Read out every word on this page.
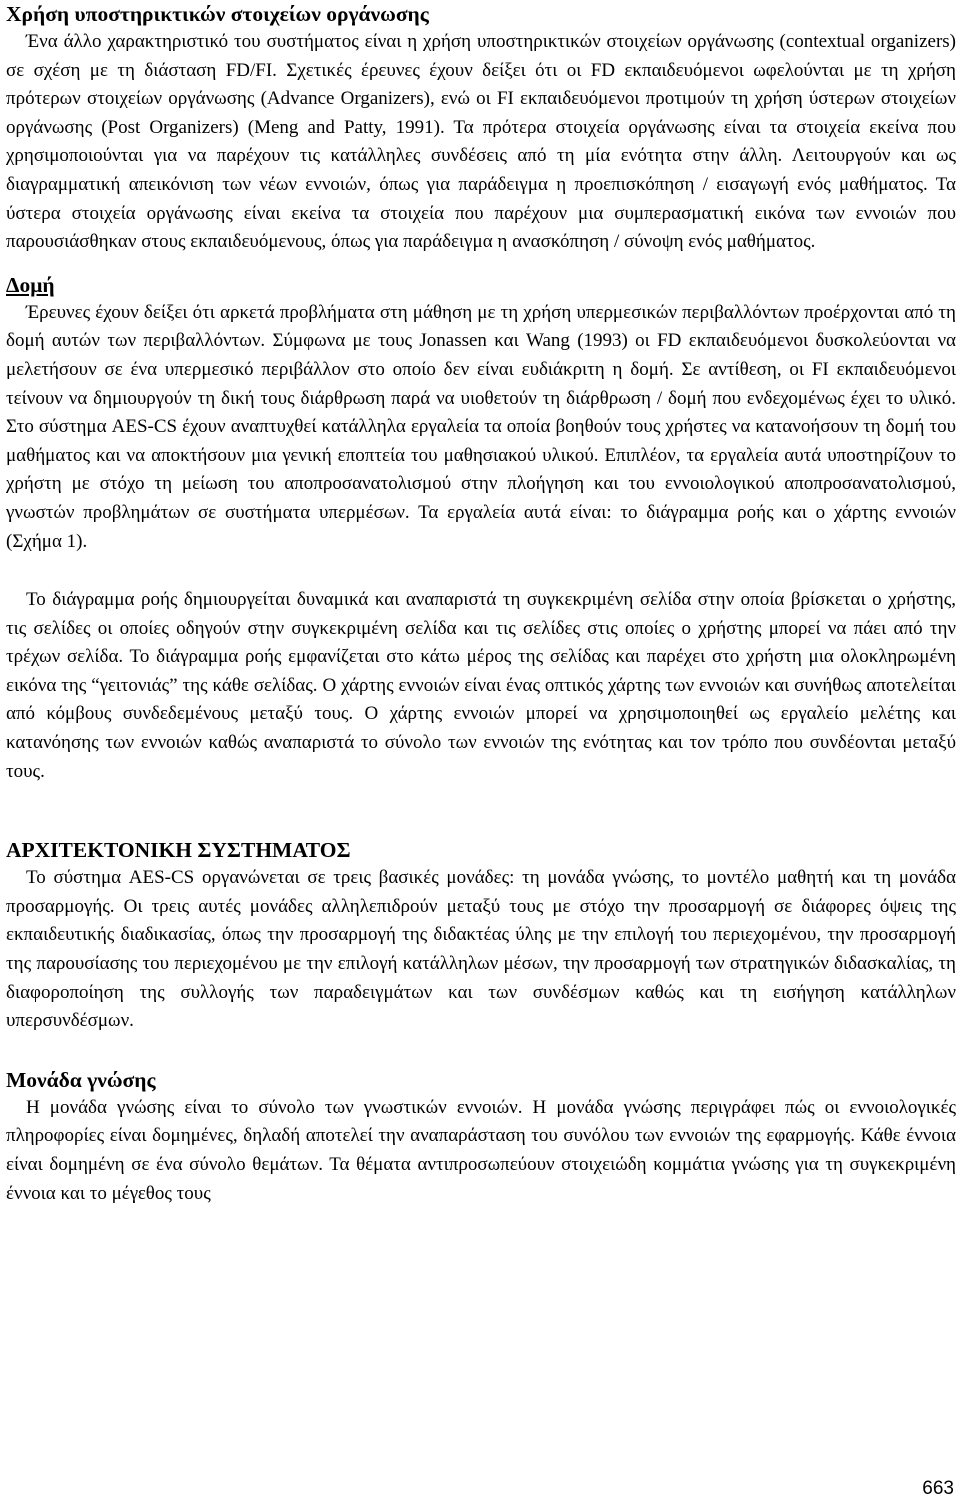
Χρήση υποστηρικτικών στοιχείων οργάνωσης

Ένα άλλο χαρακτηριστικό του συστήματος είναι η χρήση υποστηρικτικών στοιχείων οργάνωσης (contextual organizers) σε σχέση με τη διάσταση FD/FI. Σχετικές έρευνες έχουν δείξει ότι οι FD εκπαιδευόμενοι ωφελούνται με τη χρήση πρότερων στοιχείων οργάνωσης (Advance Organizers), ενώ οι FI εκπαιδευόμενοι προτιμούν τη χρήση ύστερων στοιχείων οργάνωσης (Post Organizers) (Meng and Patty, 1991). Τα πρότερα στοιχεία οργάνωσης είναι τα στοιχεία εκείνα που χρησιμοποιούνται για να παρέχουν τις κατάλληλες συνδέσεις από τη μία ενότητα στην άλλη. Λειτουργούν και ως διαγραμματική απεικόνιση των νέων εννοιών, όπως για παράδειγμα η προεπισκόπηση / εισαγωγή ενός μαθήματος. Τα ύστερα στοιχεία οργάνωσης είναι εκείνα τα στοιχεία που παρέχουν μια συμπερασματική εικόνα των εννοιών που παρουσιάσθηκαν στους εκπαιδευόμενους, όπως για παράδειγμα η ανασκόπηση / σύνοψη ενός μαθήματος.

Δομή

Έρευνες έχουν δείξει ότι αρκετά προβλήματα στη μάθηση με τη χρήση υπερμεσικών περιβαλλόντων προέρχονται από τη δομή αυτών των περιβαλλόντων. Σύμφωνα με τους Jonassen και Wang (1993) οι FD εκπαιδευόμενοι δυσκολεύονται να μελετήσουν σε ένα υπερμεσικό περιβάλλον στο οποίο δεν είναι ευδιάκριτη η δομή. Σε αντίθεση, οι FI εκπαιδευόμενοι τείνουν να δημιουργούν τη δική τους διάρθρωση παρά να υιοθετούν τη διάρθρωση / δομή που ενδεχομένως έχει το υλικό. Στο σύστημα AES-CS έχουν αναπτυχθεί κατάλληλα εργαλεία τα οποία βοηθούν τους χρήστες να κατανοήσουν τη δομή του μαθήματος και να αποκτήσουν μια γενική εποπτεία του μαθησιακού υλικού. Επιπλέον, τα εργαλεία αυτά υποστηρίζουν το χρήστη με στόχο τη μείωση του αποπροσανατολισμού στην πλοήγηση και του εννοιολογικού αποπροσανατολισμού, γνωστών προβλημάτων σε συστήματα υπερμέσων. Τα εργαλεία αυτά είναι: το διάγραμμα ροής και ο χάρτης εννοιών (Σχήμα 1).

Το διάγραμμα ροής δημιουργείται δυναμικά και αναπαριστά τη συγκεκριμένη σελίδα στην οποία βρίσκεται ο χρήστης, τις σελίδες οι οποίες οδηγούν στην συγκεκριμένη σελίδα και τις σελίδες στις οποίες ο χρήστης μπορεί να πάει από την τρέχων σελίδα. Το διάγραμμα ροής εμφανίζεται στο κάτω μέρος της σελίδας και παρέχει στο χρήστη μια ολοκληρωμένη εικόνα της “γειτονιάς” της κάθε σελίδας. Ο χάρτης εννοιών είναι ένας οπτικός χάρτης των εννοιών και συνήθως αποτελείται από κόμβους συνδεδεμένους μεταξύ τους. Ο χάρτης εννοιών μπορεί να χρησιμοποιηθεί ως εργαλείο μελέτης και κατανόησης των εννοιών καθώς αναπαριστά το σύνολο των εννοιών της ενότητας και τον τρόπο που συνδέονται μεταξύ τους.

ΑΡΧΙΤΕΚΤΟΝΙΚΗ ΣΥΣΤΗΜΑΤΟΣ

Το σύστημα AES-CS οργανώνεται σε τρεις βασικές μονάδες: τη μονάδα γνώσης, το μοντέλο μαθητή και τη μονάδα προσαρμογής. Οι τρεις αυτές μονάδες αλληλεπιδρούν μεταξύ τους με στόχο την προσαρμογή σε διάφορες όψεις της εκπαιδευτικής διαδικασίας, όπως την προσαρμογή της διδακτέας ύλης με την επιλογή του περιεχομένου, την προσαρμογή της παρουσίασης του περιεχομένου με την επιλογή κατάλληλων μέσων, την προσαρμογή των στρατηγικών διδασκαλίας, τη διαφοροποίηση της συλλογής των παραδειγμάτων και των συνδέσμων καθώς και τη εισήγηση κατάλληλων υπερσυνδέσμων.

Μονάδα γνώσης

Η μονάδα γνώσης είναι το σύνολο των γνωστικών εννοιών. Η μονάδα γνώσης περιγράφει πώς οι εννοιολογικές πληροφορίες είναι δομημένες, δηλαδή αποτελεί την αναπαράσταση του συνόλου των εννοιών της εφαρμογής. Κάθε έννοια είναι δομημένη σε ένα σύνολο θεμάτων. Τα θέματα αντιπροσωπεύουν στοιχειώδη κομμάτια γνώσης για τη συγκεκριμένη έννοια και το μέγεθος τους

663
